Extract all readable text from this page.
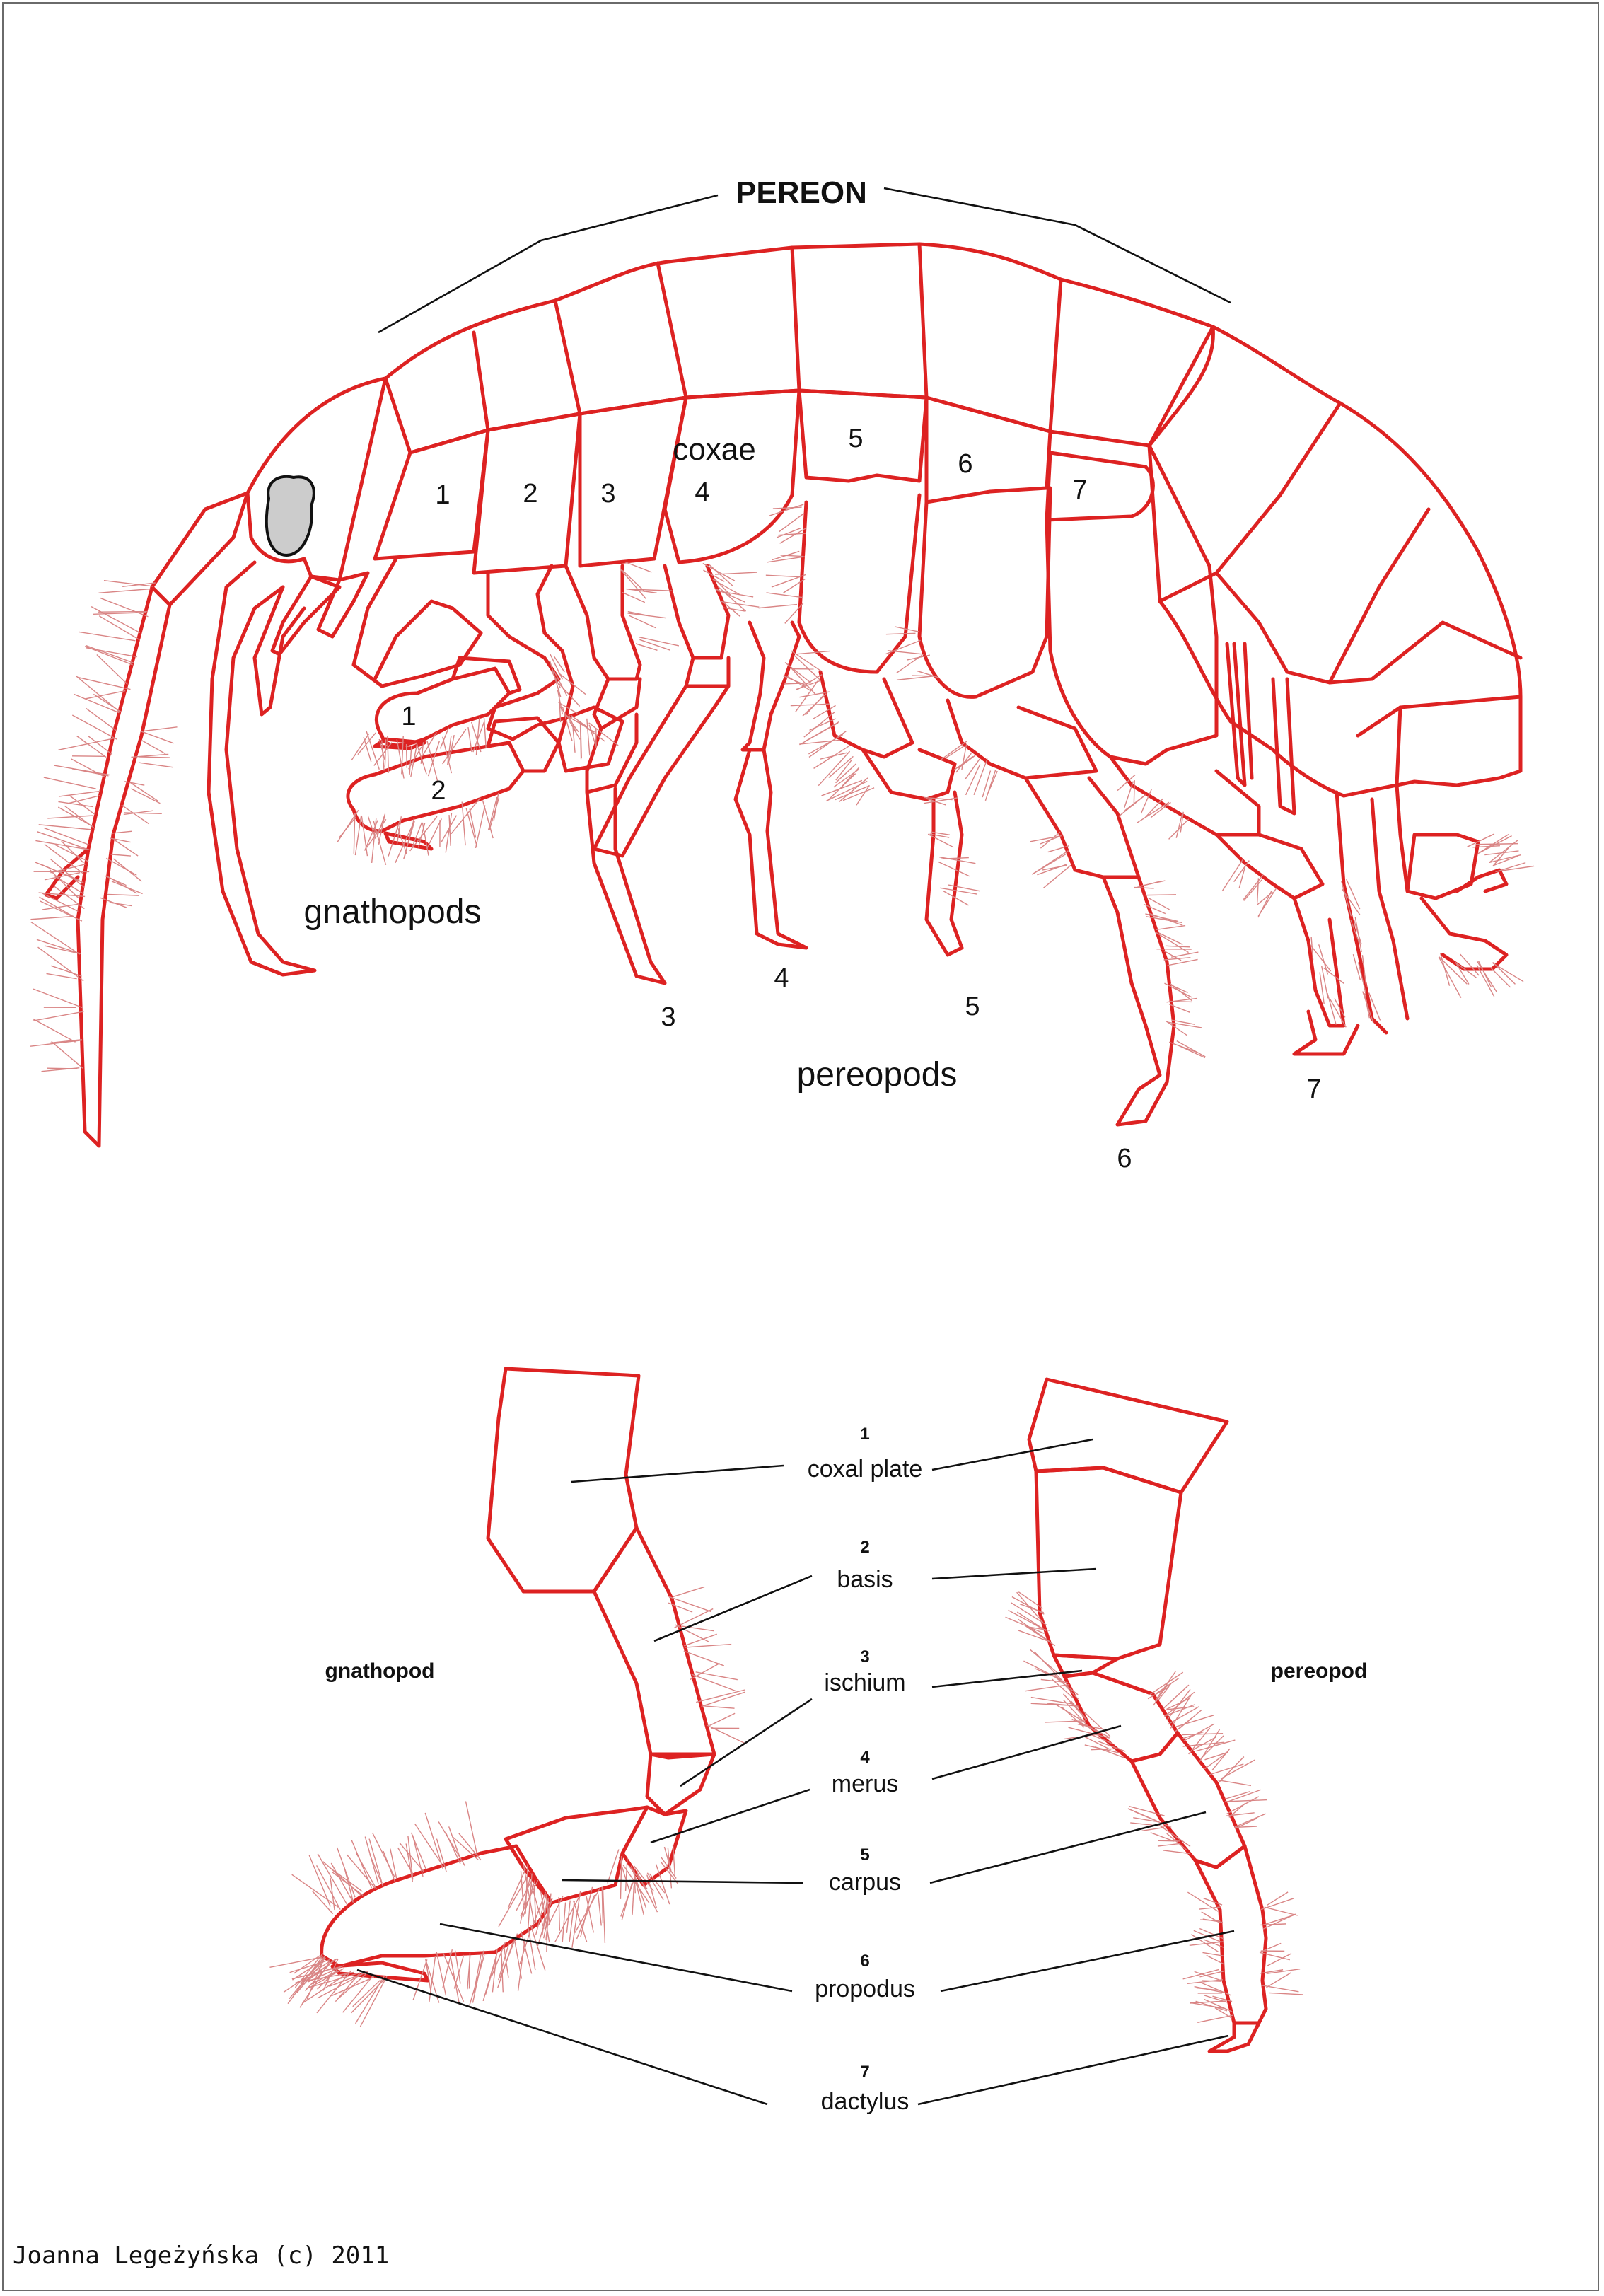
PEREON
coxae
1	2 3	4
5
6
7
1
2
gnathopods
pereopods
3
4
5
6
7
gnathopod	pereopod
1
coxal plate
2
basis
3
ischium
4
merus
5
carpus
6
propodus
7
dactylus
Joanna Legeżyńska (c) 2011
